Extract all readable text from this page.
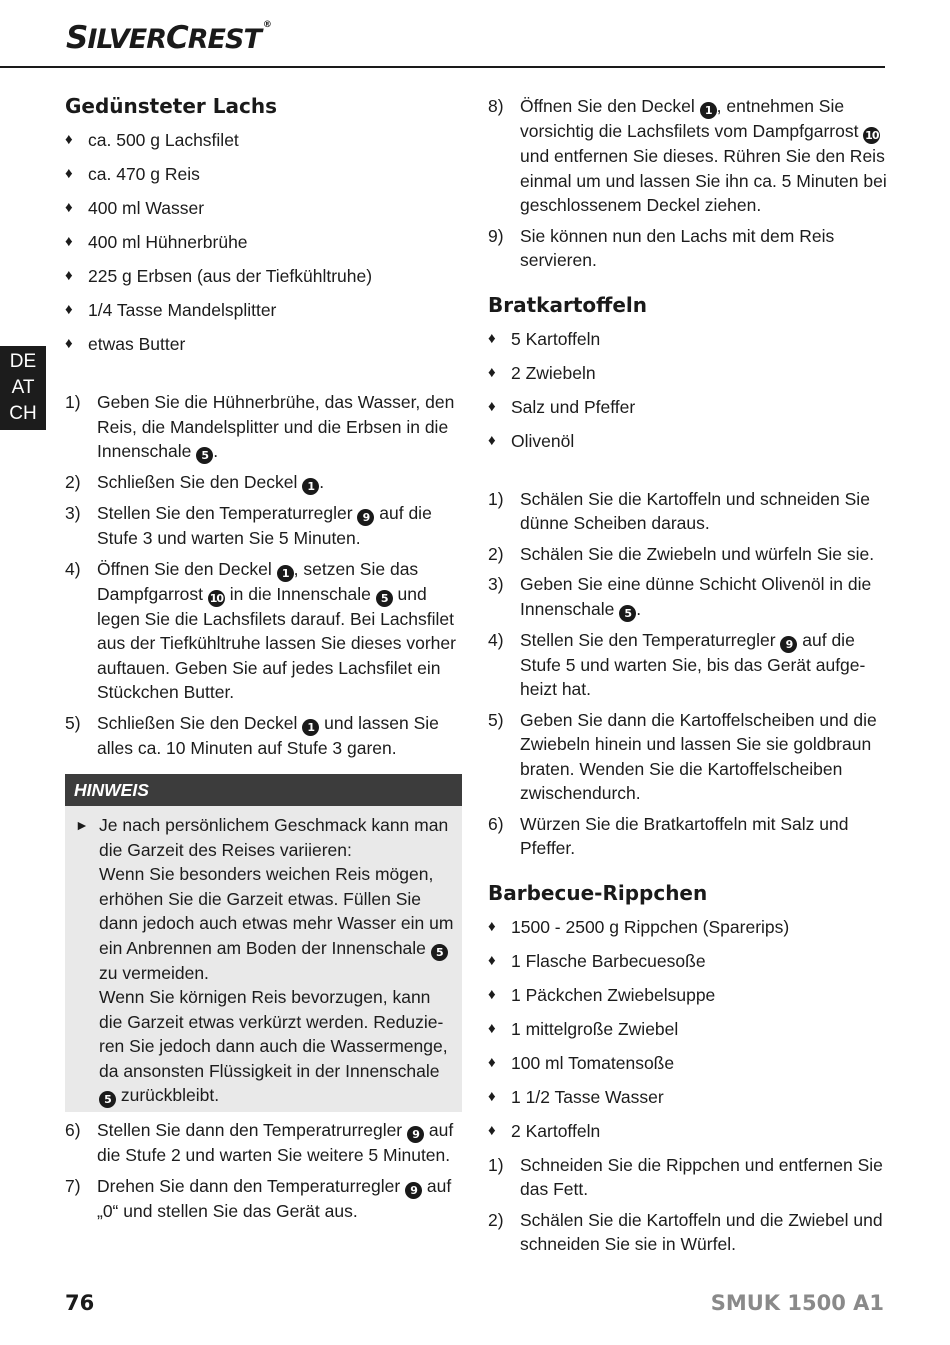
SILVERCREST ®
DE
AT
CH
Gedünsteter Lachs
♦ ca. 500 g Lachsfilet
♦ ca. 470 g Reis
♦ 400 ml Wasser
♦ 400 ml Hühnerbrühe
♦ 225 g Erbsen (aus der Tiefkühltruhe)
♦ 1/4 Tasse Mandelsplitter
♦ etwas Butter
1) Geben Sie die Hühnerbrühe, das Wasser, den Reis, die Mandelsplitter und die Erbsen in die Innenschale 5 .
2) Schließen Sie den Deckel 1 .
3) Stellen Sie den Temperaturregler 9 auf die Stufe 3 und warten Sie 5 Minuten.
4) Öffnen Sie den Deckel 1 , setzen Sie das Dampfgarrost 10 in die Innenschale 5 und legen Sie die Lachsfilets darauf. Bei Lachsfilet aus der Tiefkühltruhe lassen Sie dieses vorher auftauen. Geben Sie auf jedes Lachsfilet ein Stückchen Butter.
5) Schließen Sie den Deckel 1 und lassen Sie alles ca. 10 Minuten auf Stufe 3 garen.
HINWEIS
► Je nach persönlichem Geschmack kann man die Garzeit des Reises variieren:
Wenn Sie besonders weichen Reis mögen, erhöhen Sie die Garzeit etwas. Füllen Sie dann jedoch auch etwas mehr Wasser ein um ein Anbrennen am Boden der Innenschale 5 zu vermeiden.
Wenn Sie körnigen Reis bevorzugen, kann die Garzeit etwas verkürzt werden. Reduzieren Sie jedoch dann auch die Wassermenge, da ansonsten Flüssigkeit in der Innenschale 5 zurückbleibt.
6) Stellen Sie dann den Temperatrurregler 9 auf die Stufe 2 und warten Sie weitere 5 Minuten.
7) Drehen Sie dann den Temperaturregler 9 auf „0“ und stellen Sie das Gerät aus.
8) Öffnen Sie den Deckel 1 , entnehmen Sie vorsichtig die Lachsfilets vom Dampfgarrost 10 und entfernen Sie dieses. Rühren Sie den Reis einmal um und lassen Sie ihn ca. 5 Minuten bei geschlossenem Deckel ziehen.
9) Sie können nun den Lachs mit dem Reis servieren.
Bratkartoffeln
♦ 5 Kartoffeln
♦ 2 Zwiebeln
♦ Salz und Pfeffer
♦ Olivenöl
1) Schälen Sie die Kartoffeln und schneiden Sie dünne Scheiben daraus.
2) Schälen Sie die Zwiebeln und würfeln Sie sie.
3) Geben Sie eine dünne Schicht Olivenöl in die Innenschale 5 .
4) Stellen Sie den Temperaturregler 9 auf die Stufe 5 und warten Sie, bis das Gerät aufgeheizt hat.
5) Geben Sie dann die Kartoffelscheiben und die Zwiebeln hinein und lassen Sie sie goldbraun braten. Wenden Sie die Kartoffelscheiben zwischendurch.
6) Würzen Sie die Bratkartoffeln mit Salz und Pfeffer.
Barbecue-Rippchen
♦ 1500 - 2500 g Rippchen (Sparerips)
♦ 1 Flasche Barbecuesoße
♦ 1 Päckchen Zwiebelsuppe
♦ 1 mittelgroße Zwiebel
♦ 100 ml Tomatensoße
♦ 1 1/2 Tasse Wasser
♦ 2 Kartoffeln
1) Schneiden Sie die Rippchen und entfernen Sie das Fett.
2) Schälen Sie die Kartoffeln und die Zwiebel und schneiden Sie sie in Würfel.
76	SMUK 1500 A1
